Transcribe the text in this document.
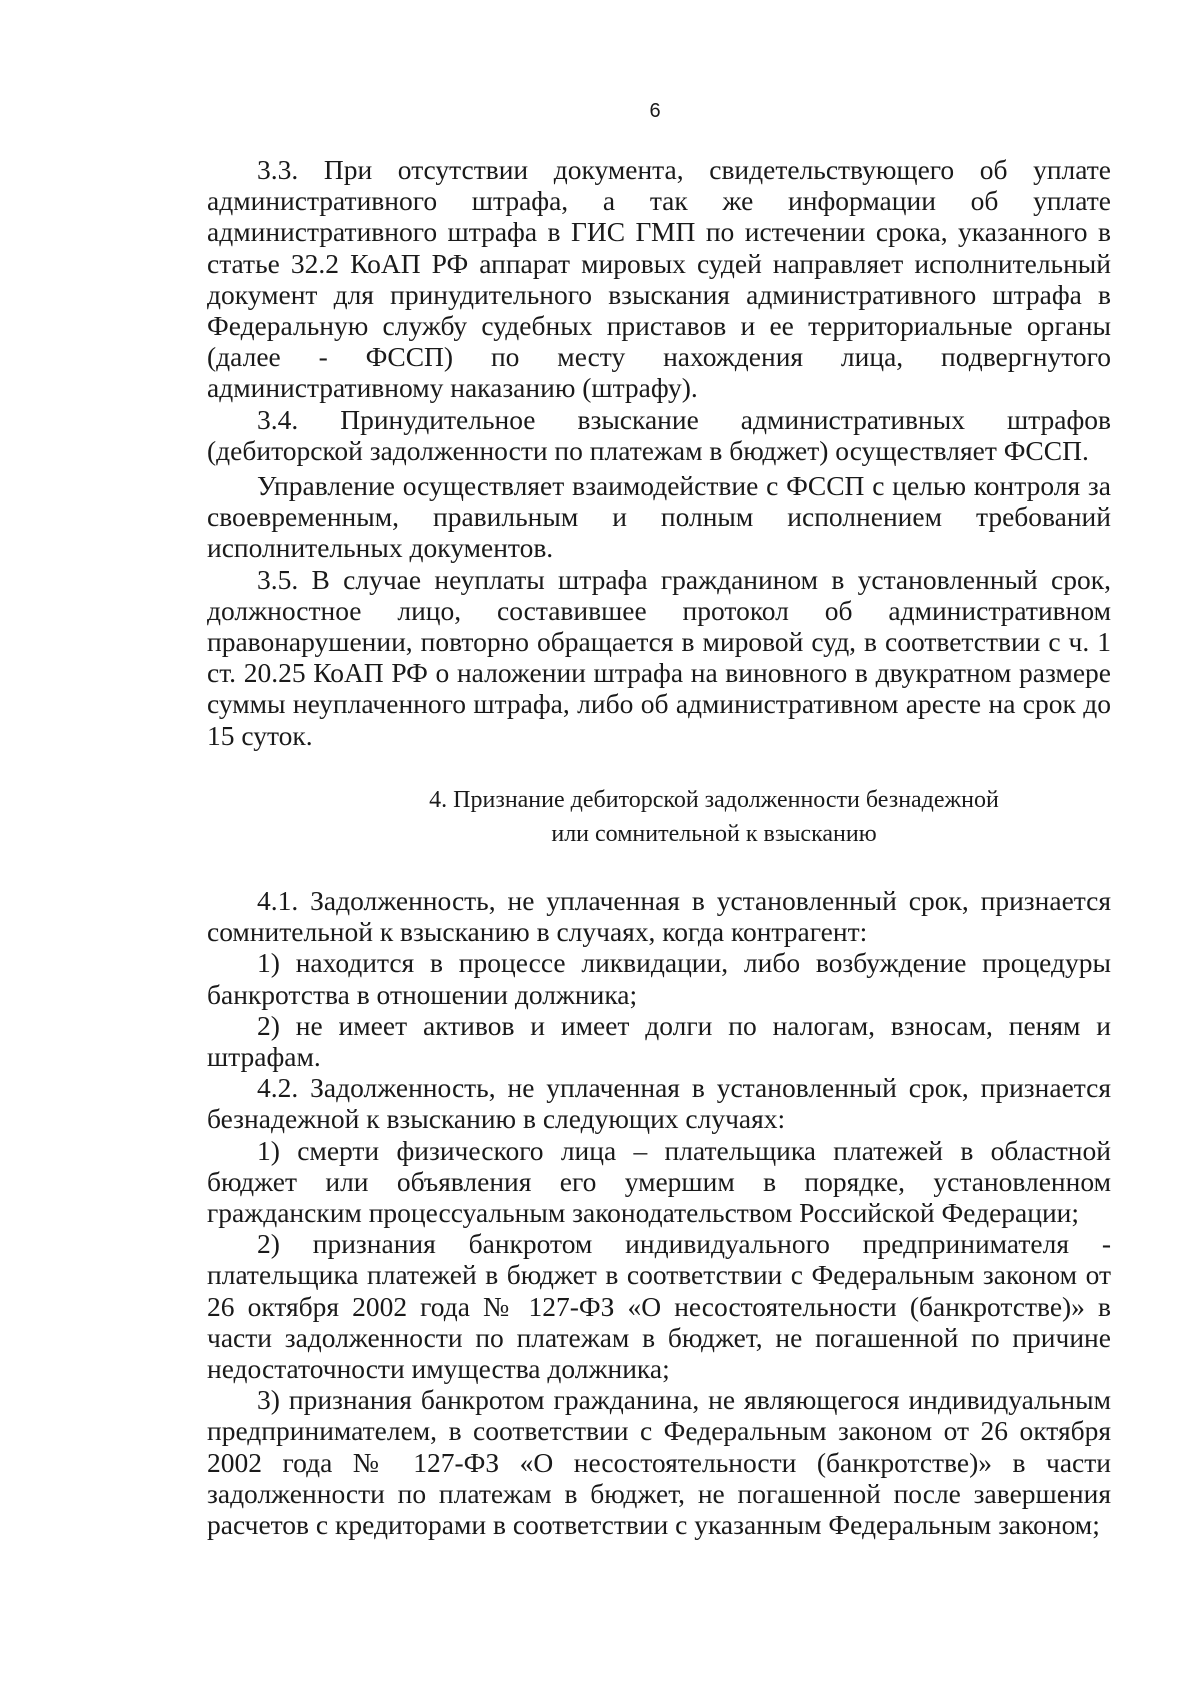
6

3.3. При отсутствии документа, свидетельствующего об уплате административного штрафа, а так же информации об уплате административного штрафа в ГИС ГМП по истечении срока, указанного в статье 32.2 КоАП РФ аппарат мировых судей направляет исполнительный документ для принудительного взыскания административного штрафа в Федеральную службу судебных приставов и ее территориальные органы (далее - ФССП) по месту нахождения лица, подвергнутого административному наказанию (штрафу).

3.4. Принудительное взыскание административных штрафов (дебиторской задолженности по платежам в бюджет) осуществляет ФССП.

Управление осуществляет взаимодействие с ФССП с целью контроля за своевременным, правильным и полным исполнением требований исполнительных документов.

3.5. В случае неуплаты штрафа гражданином в установленный срок, должностное лицо, составившее протокол об административном правонарушении, повторно обращается в мировой суд, в соответствии с ч. 1 ст. 20.25 КоАП РФ о наложении штрафа на виновного в двукратном размере суммы неуплаченного штрафа, либо об административном аресте на срок до 15 суток.

4. Признание дебиторской задолженности безнадежной
или сомнительной к взысканию

4.1. Задолженность, не уплаченная в установленный срок, признается сомнительной к взысканию в случаях, когда контрагент:

1) находится в процессе ликвидации, либо возбуждение процедуры банкротства в отношении должника;

2) не имеет активов и имеет долги по налогам, взносам, пеням и штрафам.

4.2. Задолженность, не уплаченная в установленный срок, признается безнадежной к взысканию в следующих случаях:

1) смерти физического лица – плательщика платежей в областной бюджет или объявления его умершим в порядке, установленном гражданским процессуальным законодательством Российской Федерации;

2) признания банкротом индивидуального предпринимателя - плательщика платежей в бюджет в соответствии с Федеральным законом от 26 октября 2002 года № 127-ФЗ «О несостоятельности (банкротстве)» в части задолженности по платежам в бюджет, не погашенной по причине недостаточности имущества должника;

3) признания банкротом гражданина, не являющегося индивидуальным предпринимателем, в соответствии с Федеральным законом от 26 октября 2002 года № 127-ФЗ «О несостоятельности (банкротстве)» в части задолженности по платежам в бюджет, не погашенной после завершения расчетов с кредиторами в соответствии с указанным Федеральным законом;
